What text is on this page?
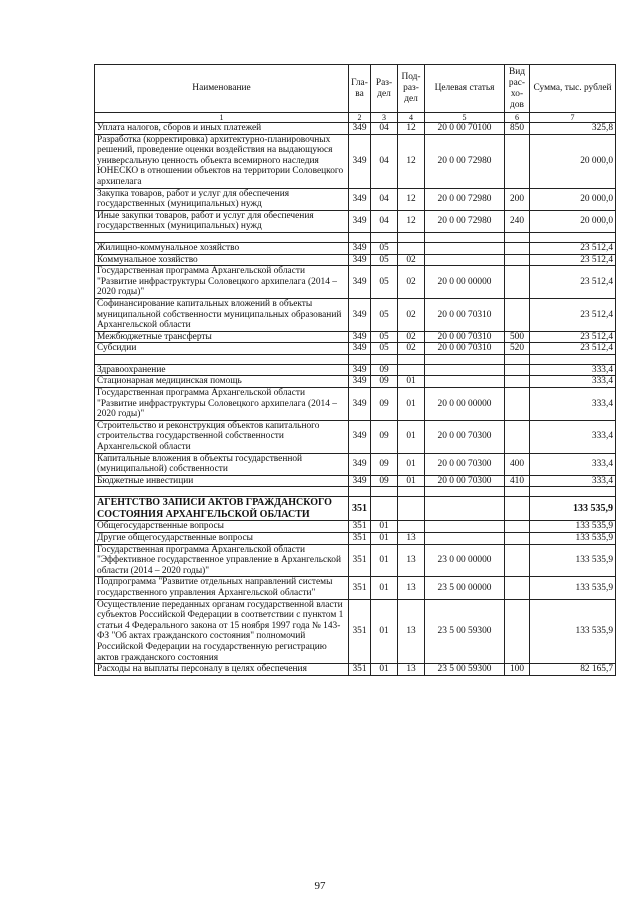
Наименование	Гла-ва	Раз-дел	Под-раз-дел	Целевая статья	Вид рас-хо-дов	Сумма, тыс. рублей
1	2	3	4	5	6	7
Уплата налогов, сборов и иных платежей	349	04	12	20 0 00 70100	850	325,8
Разработка (корректировка) архитектурно-планировочных решений, проведение оценки воздействия на выдающуюся универсальную ценность объекта всемирного наследия ЮНЕСКО в отношении объектов на территории Соловецкого архипелага	349	04	12	20 0 00 72980		20 000,0
Закупка товаров, работ и услуг для обеспечения государственных (муниципальных) нужд	349	04	12	20 0 00 72980	200	20 000,0
Иные закупки товаров, работ и услуг для обеспечения государственных (муниципальных) нужд	349	04	12	20 0 00 72980	240	20 000,0

Жилищно-коммунальное хозяйство	349	05				23 512,4
Коммунальное хозяйство	349	05	02			23 512,4
Государственная программа Архангельской области "Развитие инфраструктуры Соловецкого архипелага (2014 – 2020 годы)"	349	05	02	20 0 00 00000		23 512,4
Софинансирование капитальных вложений в объекты муниципальной собственности муниципальных образований Архангельской области	349	05	02	20 0 00 70310		23 512,4
Межбюджетные трансферты	349	05	02	20 0 00 70310	500	23 512,4
Субсидии	349	05	02	20 0 00 70310	520	23 512,4

Здравоохранение	349	09				333,4
Стационарная медицинская помощь	349	09	01			333,4
Государственная программа Архангельской области "Развитие инфраструктуры Соловецкого архипелага (2014 – 2020 годы)"	349	09	01	20 0 00 00000		333,4
Строительство и реконструкция объектов капитального строительства государственной собственности Архангельской области	349	09	01	20 0 00 70300		333,4
Капитальные вложения в объекты государственной (муниципальной) собственности	349	09	01	20 0 00 70300	400	333,4
Бюджетные инвестиции	349	09	01	20 0 00 70300	410	333,4

АГЕНТСТВО ЗАПИСИ АКТОВ ГРАЖДАНСКОГО СОСТОЯНИЯ АРХАНГЕЛЬСКОЙ ОБЛАСТИ	351					133 535,9
Общегосударственные вопросы	351	01				133 535,9
Другие общегосударственные вопросы	351	01	13			133 535,9
Государственная программа Архангельской области "Эффективное государственное управление в Архангельской области (2014 – 2020 годы)"	351	01	13	23 0 00 00000		133 535,9
Подпрограмма "Развитие отдельных направлений системы государственного управления Архангельской области"	351	01	13	23 5 00 00000		133 535,9
Осуществление переданных органам государственной власти субъектов Российской Федерации в соответствии с пунктом 1 статьи 4 Федерального закона от 15 ноября 1997 года № 143-ФЗ "Об актах гражданского состояния" полномочий Российской Федерации на государственную регистрацию актов гражданского состояния	351	01	13	23 5 00 59300		133 535,9
Расходы на выплаты персоналу в целях обеспечения	351	01	13	23 5 00 59300	100	82 165,7
97
